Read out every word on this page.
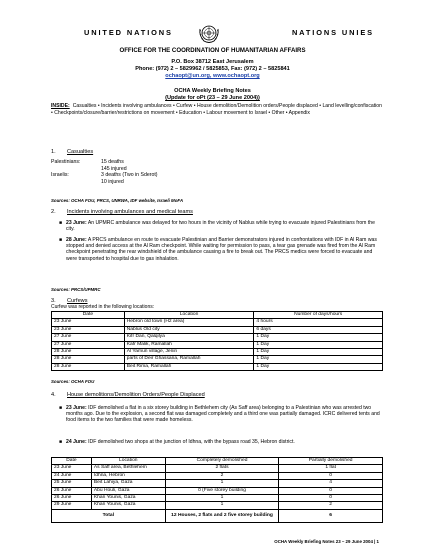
UNITED NATIONS	NATIONS UNIES
OFFICE FOR THE COORDINATION OF HUMANITARIAN AFFAIRS
P.O. Box 38712 East Jerusalem
Phone: (972) 2 – 5829962 / 5825853, Fax: (972) 2 – 5825841
ochaopt@un.org, www.ochaopt.org
OCHA Weekly Briefing Notes
(Update for oPt (23 – 29 June 2004))
INSIDE: Casualties • Incidents involving ambulances • Curfew • House demolition/Demolition orders/People displaced • Land levelling/confiscation • Checkpoints/closure/barrier/restrictions on movement • Education • Labour movement to Israel • Other • Appendix
1. Casualties
Palestinians:	15 deaths
145 injured
Israelis:	3 deaths (Two in Sderot)
10 injured
Sources: OCHA FOU, PRCS, UNRWA, IDF website, Israeli MoFA
2. Incidents involving ambulances and medical teams
■ 23 June: An UPMRC ambulance was delayed for two hours in the vicinity of Nablus while trying to evacuate injured Palestinians from the city.
■ 28 June: A PRCS ambulance en route to evacuate Palestinian and Barrier demonstrators injured in confrontations with IDF in Al Ram was stopped and denied access at the Al Ram checkpoint. While waiting for permission to pass, a tear gas grenade was fired from the Al Ram checkpoint penetrating the rear windshield of the ambulance causing a fire to break out. The PRCS medics were forced to evacuate and were transported to hospital due to gas inhalation.
Sources: PRCS/UPMRC
3. Curfews
Curfew was reported in the following locations:
Date	Location	Number of days/hours
23 June	Hebron old town (H2 area)	4 hours
23 June	Nablus Old city	6 days
27 June	Kifr Dan, Qalqilya	1 Day
27 June	Kafr Malik, Ramallah	1 Day
28 June	Al Yamun village, Jenin	1 Day
28 June	parts of Deir Ghassana, Ramallah	1 Day
28 June	Beit Rima, Ramallah	1 Day
Sources: OCHA FOU
4. House demolitions/Demolition Orders/People Displaced
■ 23 June: IDF demolished a flat in a six storey building in Bethlehem city (As Saff area) belonging to a Palestinian who was arrested two months ago. Due to the explosion, a second flat was damaged completely and a third one was partially damaged. ICRC delivered tents and food items to the two families that were made homeless.
■ 24 June: IDF demolished two shops at the junction of Idhna, with the bypass road 35, Hebron district.
Date	Location	Completely demolished	Partially demolished
23 June	As Saff area, Bethlehem	2 flats	1 flat
24 June	Idhna, Hebron	2	0
25 June	Beit Lahiya, Gaza	1	4
26 June	Abu Houli, Gaza	0 (Five storey building	0
26 June	Khan Younis, Gaza	1	0
29 June	Khan Younis, Gaza	1	2
Total		12 Houses, 2 flats and 2 five storey building	6
OCHA Weekly Briefing Notes 23 – 29 June 2004 | 1
